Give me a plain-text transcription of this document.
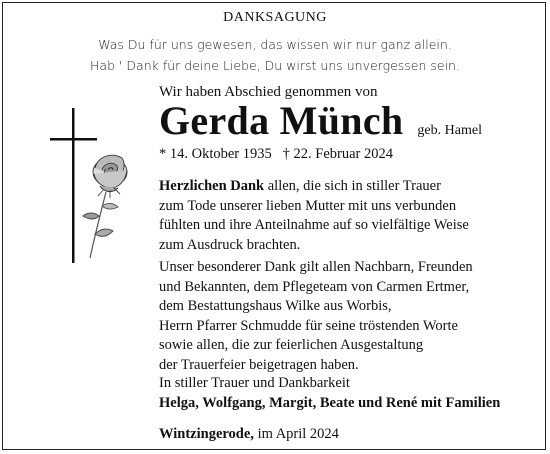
DANKSAGUNG
Was Du für uns gewesen, das wissen wir nur ganz allein.
Hab ' Dank für deine Liebe, Du wirst uns unvergessen sein.
Wir haben Abschied genommen von
Gerda Münch geb. Hamel
* 14. Oktober 1935 † 22. Februar 2024
Herzlichen Dank allen, die sich in stiller Trauer
zum Tode unserer lieben Mutter mit uns verbunden
fühlten und ihre Anteilnahme auf so vielfältige Weise
zum Ausdruck brachten.
Unser besonderer Dank gilt allen Nachbarn, Freunden
und Bekannten, dem Pflegeteam von Carmen Ertmer,
dem Bestattungshaus Wilke aus Worbis,
Herrn Pfarrer Schmudde für seine tröstenden Worte
sowie allen, die zur feierlichen Ausgestaltung
der Trauerfeier beigetragen haben.
In stiller Trauer und Dankbarkeit
Helga, Wolfgang, Margit, Beate und René mit Familien
Wintzingerode, im April 2024
